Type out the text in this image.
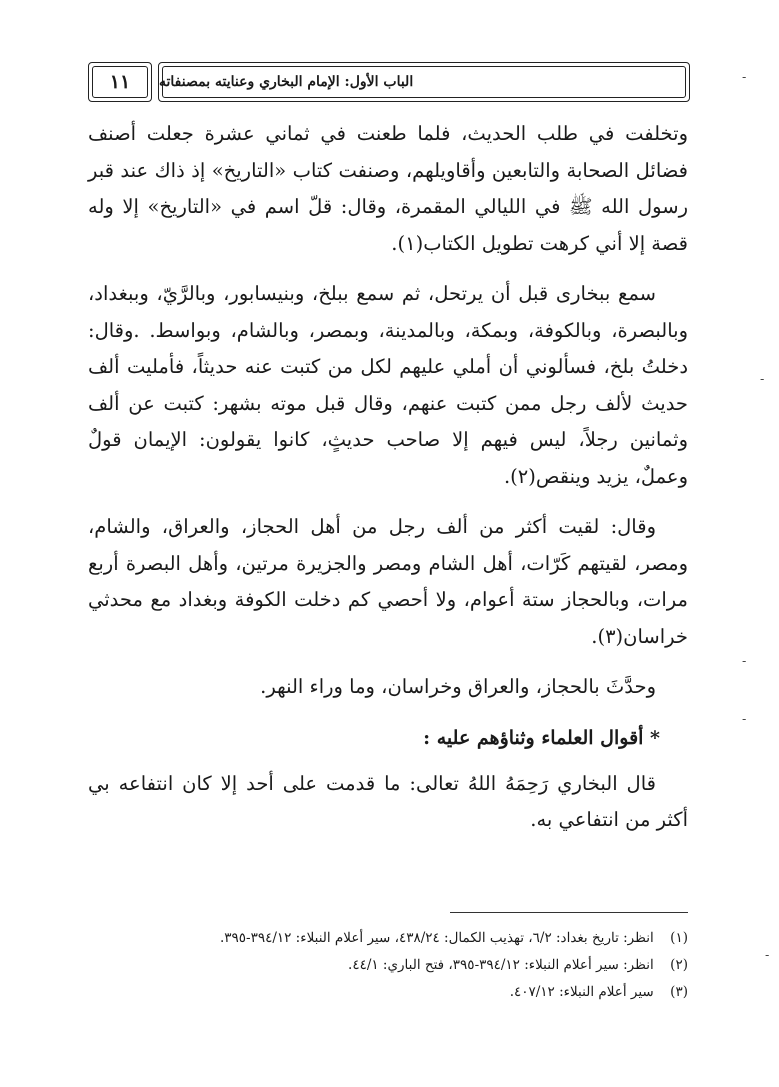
١١ الباب الأول: الإمام البخاري وعنايته بمصنفاته

وتخلفت في طلب الحديث، فلما طعنت في ثماني عشرة جعلت أصنف فضائل الصحابة والتابعين وأقاويلهم، وصنفت كتاب «التاريخ» إذ ذاك عند قبر رسول الله ﷺ في الليالي المقمرة، وقال: قلّ اسم في «التاريخ» إلا وله قصة إلا أني كرهت تطويل الكتاب(١).

سمع ببخارى قبل أن يرتحل، ثم سمع ببلخ، وبنيسابور، وبالرَّيّ، وببغداد، وبالبصرة، وبالكوفة، وبمكة، وبالمدينة، وبمصر، وبالشام، وبواسط. .وقال: دخلتُ بلخ، فسألوني أن أملي عليهم لكل من كتبت عنه حديثاً، فأمليت ألف حديث لألف رجل ممن كتبت عنهم، وقال قبل موته بشهر: كتبت عن ألف وثمانين رجلاً، ليس فيهم إلا صاحب حديثٍ، كانوا يقولون: الإيمان قولٌ وعملٌ، يزيد وينقص(٢).

وقال: لقيت أكثر من ألف رجل من أهل الحجاز، والعراق، والشام، ومصر، لقيتهم كَرّات، أهل الشام ومصر والجزيرة مرتين، وأهل البصرة أربع مرات، وبالحجاز ستة أعوام، ولا أحصي كم دخلت الكوفة وبغداد مع محدثي خراسان(٣).

وحدَّثَ بالحجاز، والعراق وخراسان، وما وراء النهر.

* أقوال العلماء وثناؤهم عليه :

قال البخاري رَحِمَهُ اللهُ تعالى: ما قدمت على أحد إلا كان انتفاعه بي أكثر من انتفاعي به.

(١) انظر: تاريخ بغداد: ٦/٢، تهذيب الكمال: ٤٣٨/٢٤، سير أعلام النبلاء: ٣٩٤/١٢-٣٩٥.

(٢) انظر: سير أعلام النبلاء: ٣٩٤/١٢-٣٩٥، فتح الباري: ٤٤/١.

(٣) سير أعلام النبلاء: ٤٠٧/١٢.

-
-
-
-
-
